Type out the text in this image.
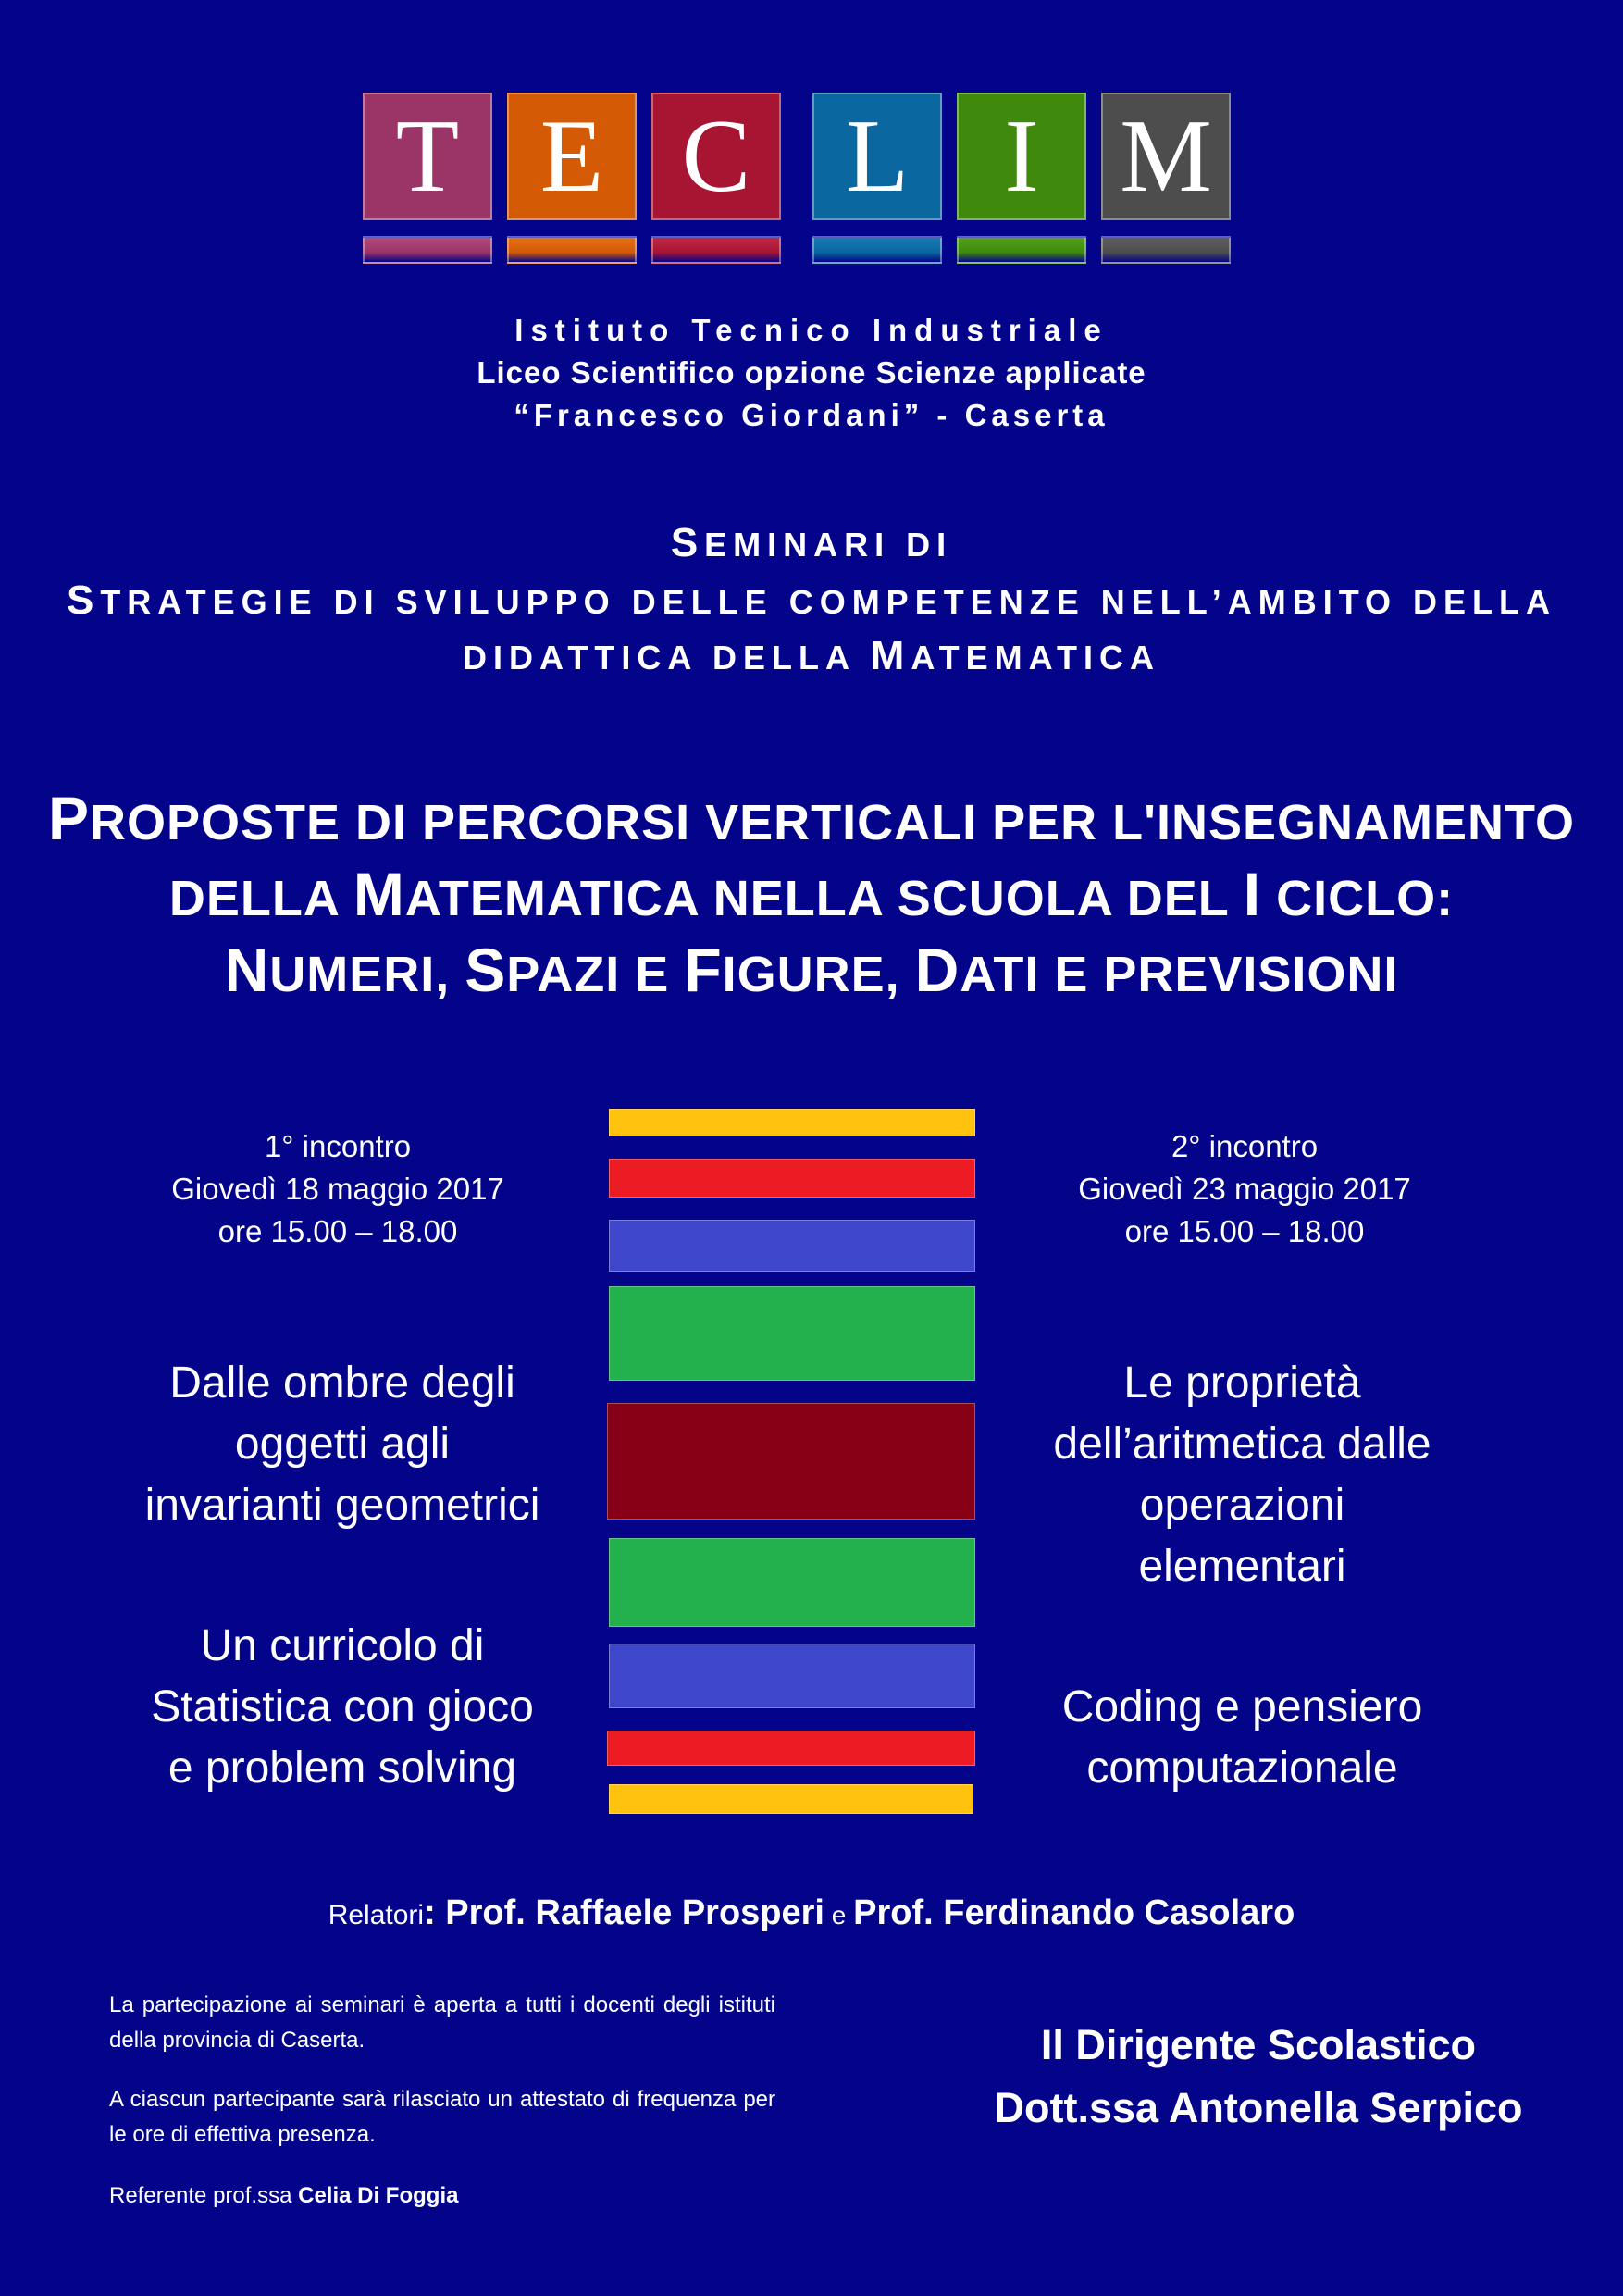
T E C L I M
Istituto Tecnico Industriale
Liceo Scientifico opzione Scienze applicate
“Francesco Giordani” - Caserta
SEMINARI DI
STRATEGIE DI SVILUPPO DELLE COMPETENZE NELL’AMBITO DELLA
DIDATTICA DELLA MATEMATICA
PROPOSTE DI PERCORSI VERTICALI PER L'INSEGNAMENTO
DELLA MATEMATICA NELLA SCUOLA DEL I CICLO:
NUMERI, SPAZI E FIGURE, DATI E PREVISIONI
1° incontro
Giovedì 18 maggio 2017
ore 15.00 – 18.00
2° incontro
Giovedì 23 maggio 2017
ore 15.00 – 18.00
Dalle ombre degli
oggetti agli
invarianti geometrici
Un curricolo di
Statistica con gioco
e problem solving
Le proprietà
dell’aritmetica dalle
operazioni
elementari
Coding e pensiero
computazionale
Relatori: Prof. Raffaele Prosperi e Prof. Ferdinando Casolaro
La partecipazione ai seminari è aperta a tutti i docenti degli istituti della provincia di Caserta.
A ciascun partecipante sarà rilasciato un attestato di frequenza per le ore di effettiva presenza.
Referente prof.ssa Celia Di Foggia
Il Dirigente Scolastico
Dott.ssa Antonella Serpico
